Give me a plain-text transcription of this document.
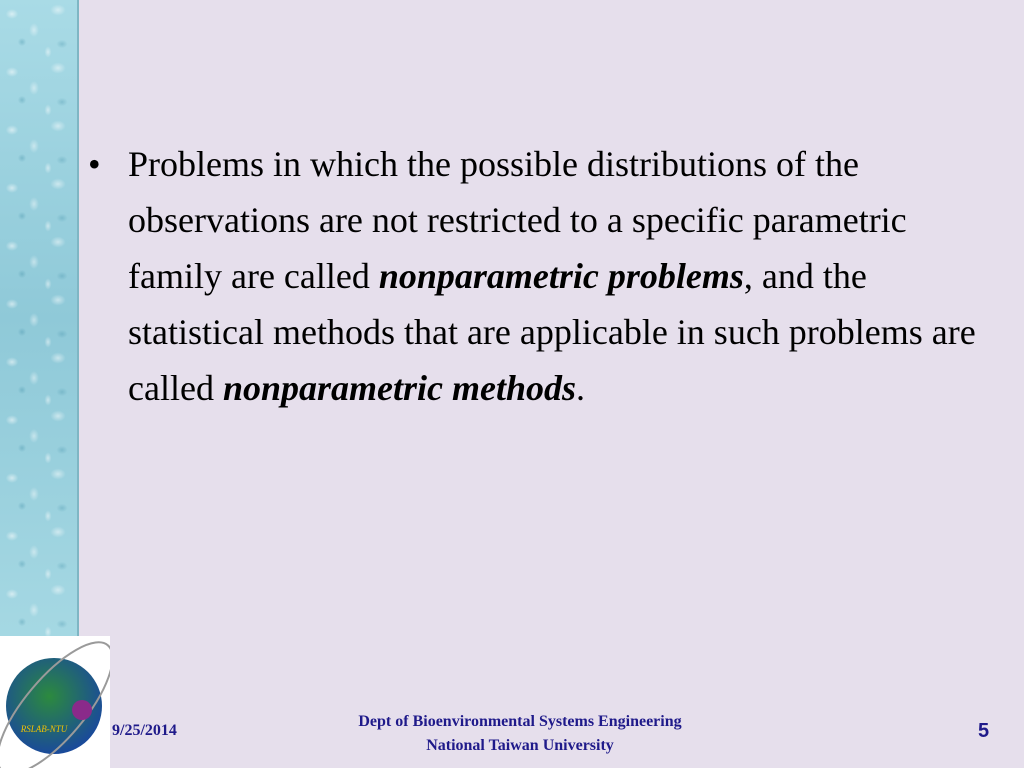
• Problems in which the possible distributions of the observations are not restricted to a specific parametric family are called nonparametric problems, and the statistical methods that are applicable in such problems are called nonparametric methods.
RSLAB-NTU	9/25/2014
Dept of Bioenvironmental Systems Engineering
National Taiwan University
5
